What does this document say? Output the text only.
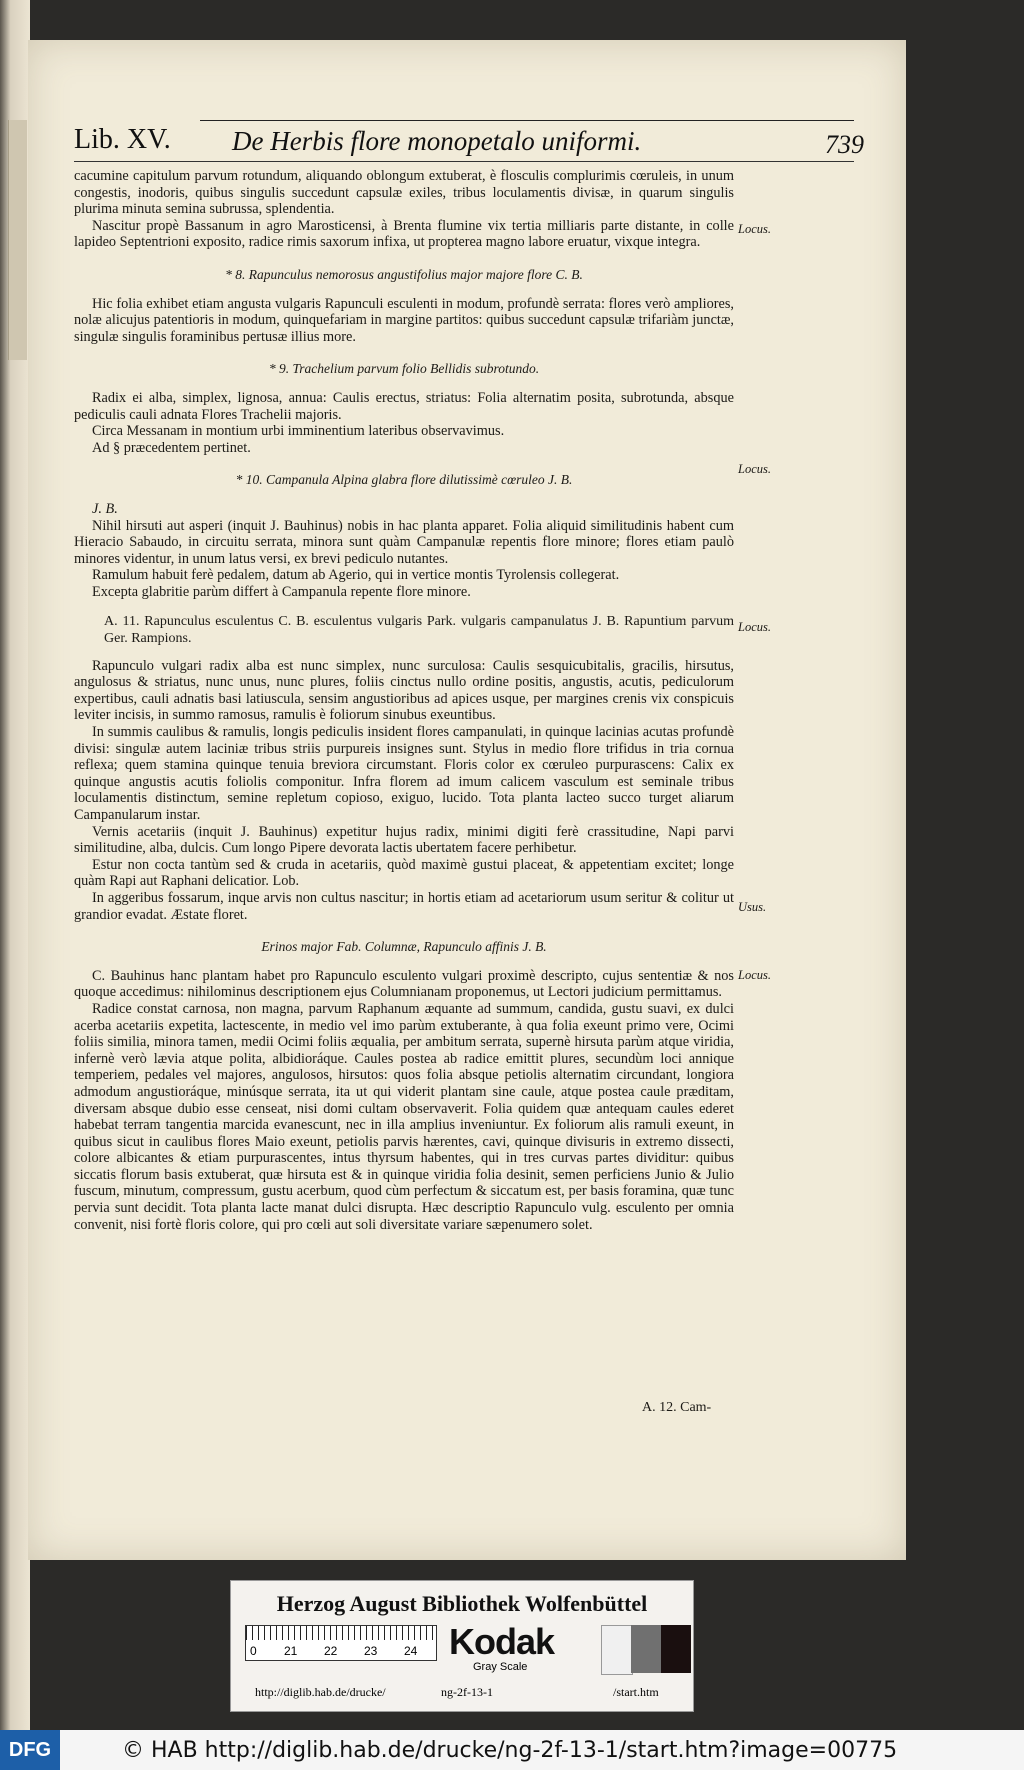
Lib. XV. De Herbis flore monopetalo uniformi.	739

cacumine capitulum parvum rotundum, aliquando oblongum extuberat, è flosculis complurimis cœruleis, in unum congestis, inodoris, quibus singulis succedunt capsulæ exiles, tribus loculamentis divisæ, in quarum singulis plurima minuta semina subrussa, splendentia.

Nascitur propè Bassanum in agro Marosticensi, à Brenta flumine vix tertia milliaris parte distante, in colle lapideo Septentrioni exposito, radice rimis saxorum infixa, ut propterea magno labore eruatur, vixque integra.

* 8. Rapunculus nemorosus angustifolius major majore flore C. B.

Hic folia exhibet etiam angusta vulgaris Rapunculi esculenti in modum, profundè serrata: flores verò ampliores, nolæ alicujus patentioris in modum, quinquefariam in margine partitos: quibus succedunt capsulæ trifariàm junctæ, singulæ singulis foraminibus pertusæ illius more.

* 9. Trachelium parvum folio Bellidis subrotundo.

Radix ei alba, simplex, lignosa, annua: Caulis erectus, striatus: Folia alternatim posita, subrotunda, absque pediculis cauli adnata Flores Trachelii majoris.

Circa Messanam in montium urbi imminentium lateribus observavimus.

Ad § præcedentem pertinet.

* 10. Campanula Alpina glabra flore dilutissimè cœruleo J. B.

J. B.

Nihil hirsuti aut asperi (inquit J. Bauhinus) nobis in hac planta apparet. Folia aliquid similitudinis habent cum Hieracio Sabaudo, in circuitu serrata, minora sunt quàm Campanulæ repentis flore minore; flores etiam paulò minores videntur, in unum latus versi, ex brevi pediculo nutantes.

Ramulum habuit ferè pedalem, datum ab Agerio, qui in vertice montis Tyrolensis collegerat.

Excepta glabritie parùm differt à Campanula repente flore minore.

A. 11. Rapunculus esculentus C. B. esculentus vulgaris Park. vulgaris campanulatus J. B. Rapuntium parvum Ger. Rampions.

Rapunculo vulgari radix alba est nunc simplex, nunc surculosa: Caulis sesquicubitalis, gracilis, hirsutus, angulosus & striatus, nunc unus, nunc plures, foliis cinctus nullo ordine positis, angustis, acutis, pediculorum expertibus, cauli adnatis basi latiuscula, sensim angustioribus ad apices usque, per margines crenis vix conspicuis leviter incisis, in summo ramosus, ramulis è foliorum sinubus exeuntibus.

In summis caulibus & ramulis, longis pediculis insident flores campanulati, in quinque lacinias acutas profundè divisi: singulæ autem laciniæ tribus striis purpureis insignes sunt. Stylus in medio flore trifidus in tria cornua reflexa; quem stamina quinque tenuia breviora circumstant. Floris color ex cœruleo purpurascens: Calix ex quinque angustis acutis foliolis componitur. Infra florem ad imum calicem vasculum est seminale tribus loculamentis distinctum, semine repletum copioso, exiguo, lucido. Tota planta lacteo succo turget aliarum Campanularum instar.

Vernis acetariis (inquit J. Bauhinus) expetitur hujus radix, minimi digiti ferè crassitudine, Napi parvi similitudine, alba, dulcis. Cum longo Pipere devorata lactis ubertatem facere perhibetur.

Estur non cocta tantùm sed & cruda in acetariis, quòd maximè gustui placeat, & appetentiam excitet; longe quàm Rapi aut Raphani delicatior. Lob.

In aggeribus fossarum, inque arvis non cultus nascitur; in hortis etiam ad acetariorum usum seritur & colitur ut grandior evadat. Æstate floret.

Erinos major Fab. Columnæ, Rapunculo affinis J. B.

C. Bauhinus hanc plantam habet pro Rapunculo esculento vulgari proximè descripto, cujus sententiæ & nos quoque accedimus: nihilominus descriptionem ejus Columnianam proponemus, ut Lectori judicium permittamus.

Radice constat carnosa, non magna, parvum Raphanum æquante ad summum, candida, gustu suavi, ex dulci acerba acetariis expetita, lactescente, in medio vel imo parùm extuberante, à qua folia exeunt primo vere, Ocimi foliis similia, minora tamen, medii Ocimi foliis æqualia, per ambitum serrata, supernè hirsuta parùm atque viridia, infernè verò lævia atque polita, albidioráque. Caules postea ab radice emittit plures, secundùm loci annique temperiem, pedales vel majores, angulosos, hirsutos: quos folia absque petiolis alternatim circundant, longiora admodum angustioráque, minúsque serrata, ita ut qui viderit plantam sine caule, atque postea caule præditam, diversam absque dubio esse censeat, nisi domi cultam observaverit. Folia quidem quæ antequam caules ederet habebat terram tangentia marcida evanescunt, nec in illa amplius inveniuntur. Ex foliorum alis ramuli exeunt, in quibus sicut in caulibus flores Maio exeunt, petiolis parvis hærentes, cavi, quinque divisuris in extremo dissecti, colore albicantes & etiam purpurascentes, intus thyrsum habentes, qui in tres curvas partes dividitur: quibus siccatis florum basis extuberat, quæ hirsuta est & in quinque viridia folia desinit, semen perficiens Junio & Julio fuscum, minutum, compressum, gustu acerbum, quod cùm perfectum & siccatum est, per basis foramina, quæ tunc pervia sunt decidit. Tota planta lacte manat dulci disrupta. Hæc descriptio Rapunculo vulg. esculento per omnia convenit, nisi fortè floris colore, qui pro cœli aut soli diversitate variare sæpenumero solet.

Locus.
Locus.
Locus.
Usus.
Locus.
A. 12. Cam-
Herzog August Bibliothek Wolfenbüttel
0 21 22 23 24 Kodak
Gray Scale
http://diglib.hab.de/drucke/	ng-2f-13-1	/start.htm
DFG	© HAB http://diglib.hab.de/drucke/ng-2f-13-1/start.htm?image=00775
